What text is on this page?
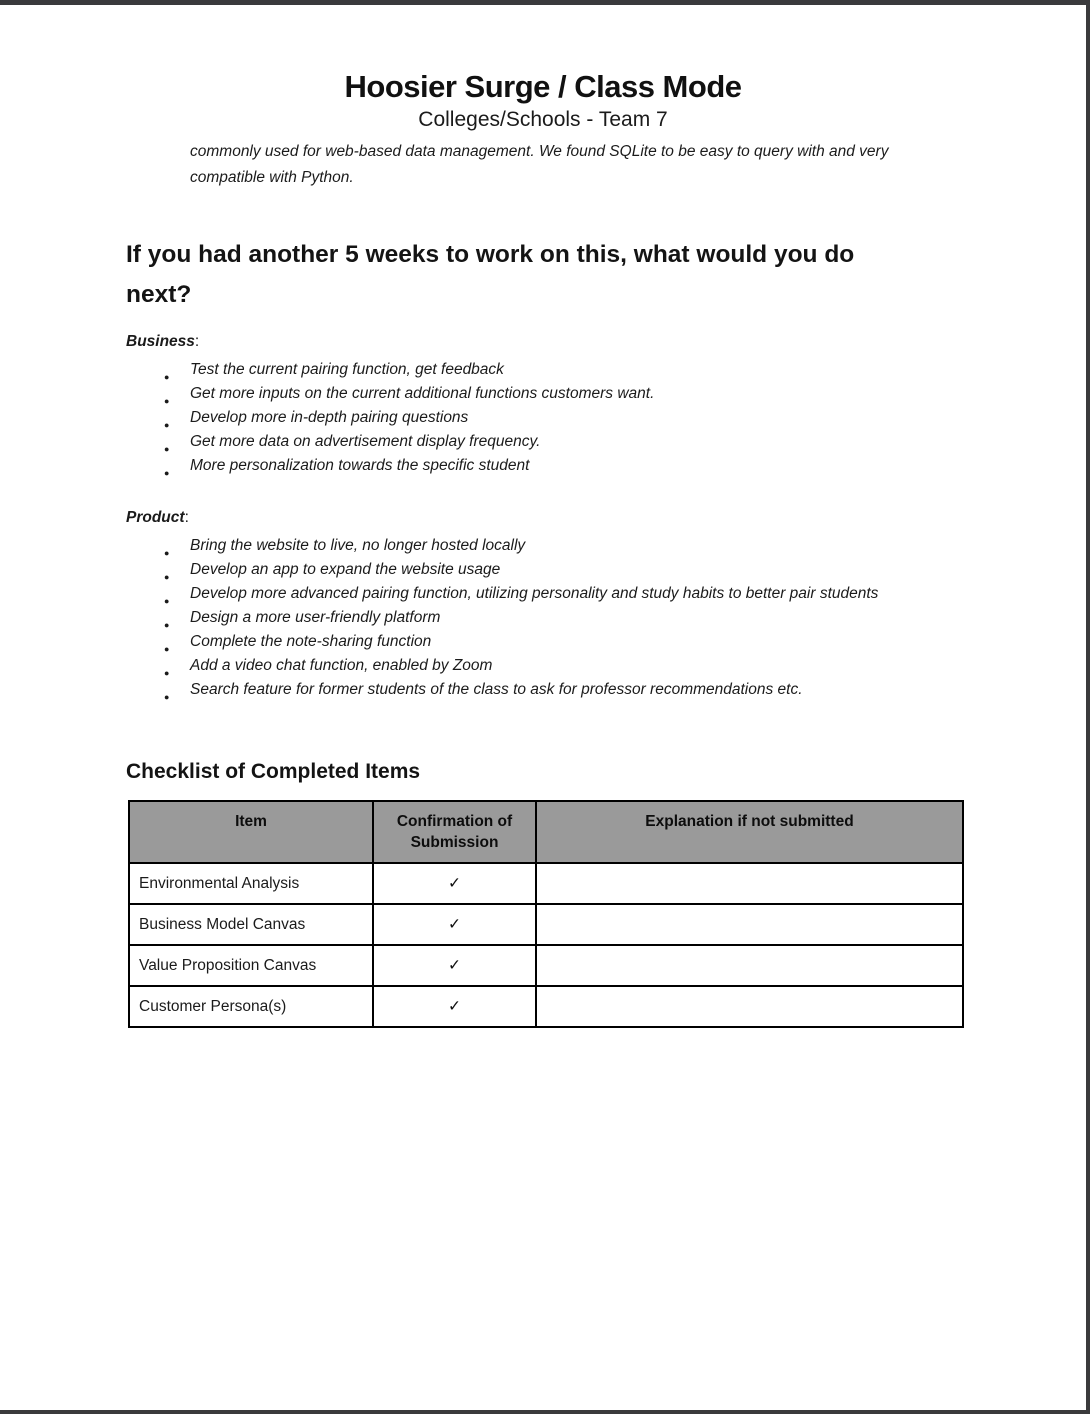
Hoosier Surge / Class Mode
Colleges/Schools - Team 7

commonly used for web-based data management. We found SQLite to be easy to query with and very compatible with Python.

If you had another 5 weeks to work on this, what would you do next?

Business:

● Test the current pairing function, get feedback
● Get more inputs on the current additional functions customers want.
● Develop more in-depth pairing questions
● Get more data on advertisement display frequency.
● More personalization towards the specific student

Product:

● Bring the website to live, no longer hosted locally
● Develop an app to expand the website usage
● Develop more advanced pairing function, utilizing personality and study habits to better pair students
● Design a more user-friendly platform
● Complete the note-sharing function
● Add a video chat function, enabled by Zoom
● Search feature for former students of the class to ask for professor recommendations etc.
Checklist of Completed Items
Item	Confirmation of Submission	Explanation if not submitted
Environmental Analysis	✓	
Business Model Canvas	✓	
Value Proposition Canvas	✓	
Customer Persona(s)	✓	
